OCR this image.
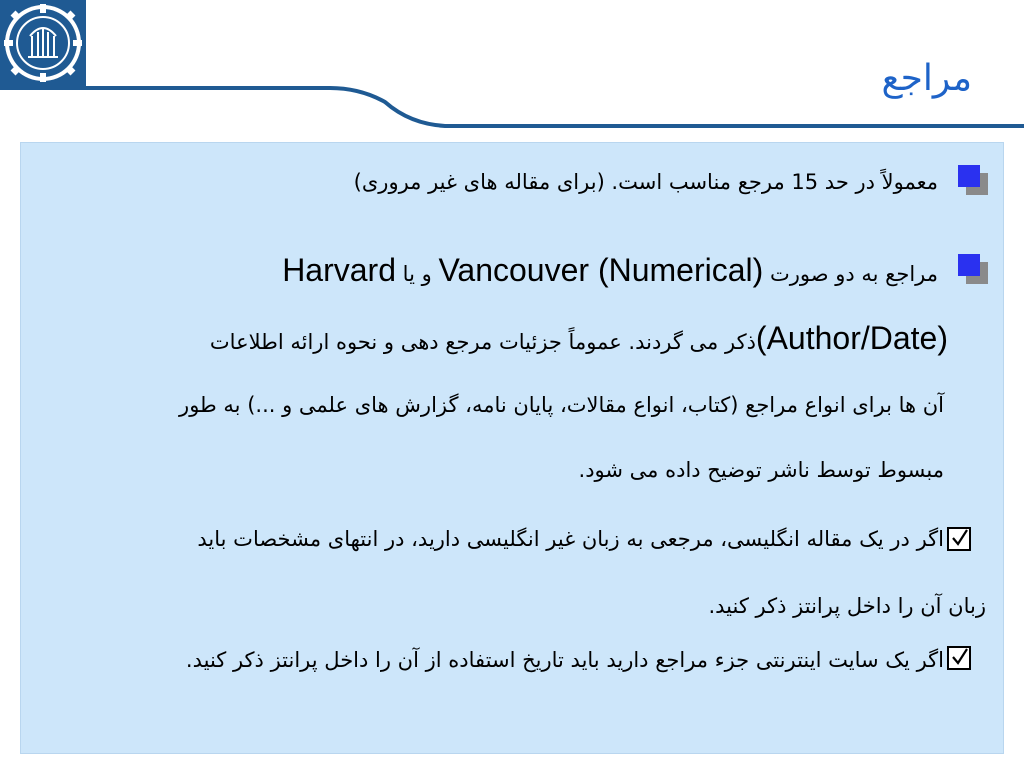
مراجع
معمولاً در حد 15 مرجع مناسب است. (برای مقاله های غیر مروری)
مراجع به دو صورت Vancouver (Numerical) و یا Harvard
(Author/Date)ذکر می گردند. عموماً جزئیات مرجع دهی و نحوه ارائه اطلاعات
آن ها برای انواع مراجع (کتاب، انواع مقالات، پایان نامه، گزارش های علمی و ...) به طور
مبسوط توسط ناشر توضیح داده می شود.
اگر در یک مقاله انگلیسی، مرجعی به زبان غیر انگلیسی دارید، در انتهای مشخصات باید
زبان آن را داخل پرانتز ذکر کنید.
اگر یک سایت اینترنتی جزء مراجع دارید باید تاریخ استفاده از آن را داخل پرانتز ذکر کنید.
